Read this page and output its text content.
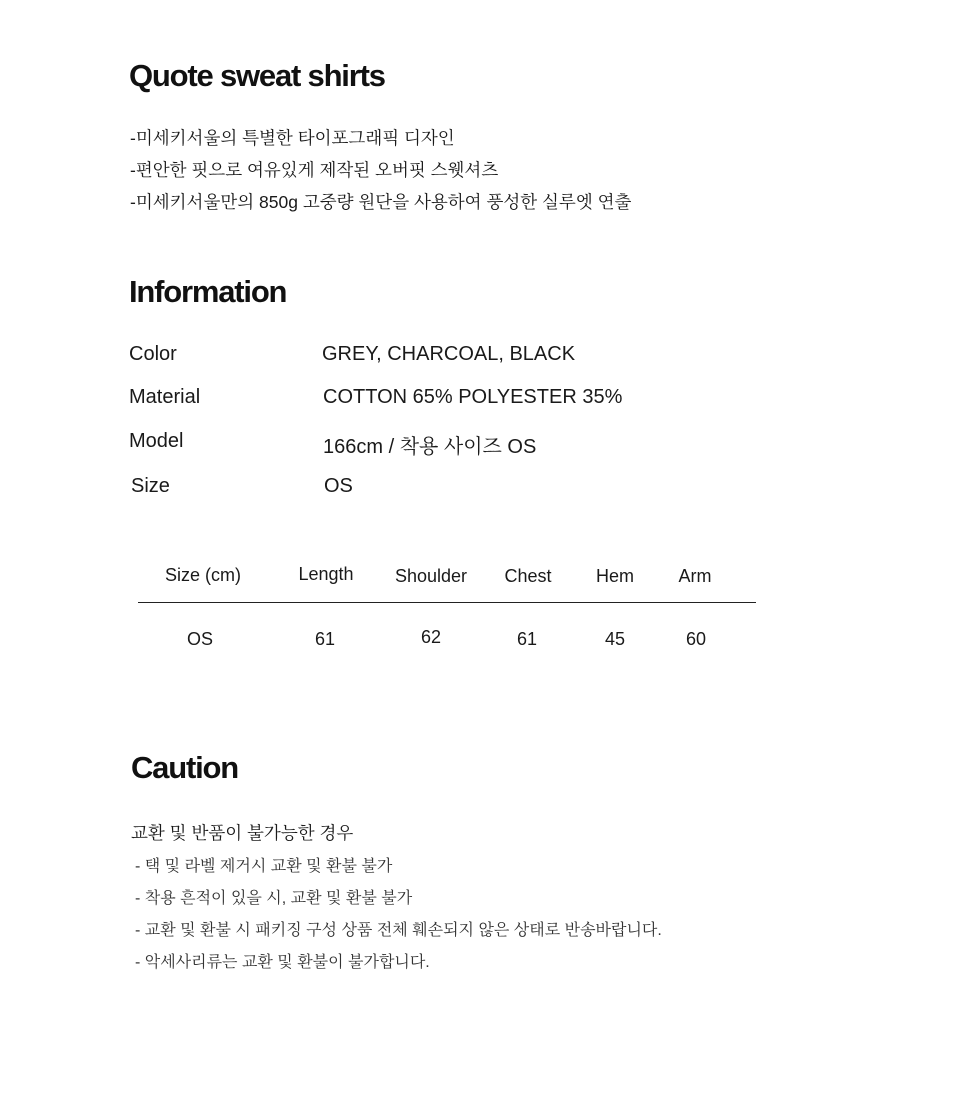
Quote sweat shirts
-미세키서울의 특별한 타이포그래픽 디자인
-편안한 핏으로 여유있게 제작된 오버핏 스웻셔츠
-미세키서울만의 850g 고중량 원단을 사용하여 풍성한 실루엣 연출
Information
Color	GREY, CHARCOAL, BLACK
Material	COTTON 65% POLYESTER 35%
Model	166cm / 착용 사이즈 OS
Size	OS
Size (cm)	Length	Shoulder	Chest	Hem	Arm
OS	61	62	61	45	60
Caution
교환 및 반품이 불가능한 경우
- 택 및 라벨 제거시 교환 및 환불 불가
- 착용 흔적이 있을 시, 교환 및 환불 불가
- 교환 및 환불 시 패키징 구성 상품 전체 훼손되지 않은 상태로 반송바랍니다.
- 악세사리류는 교환 및 환불이 불가합니다.
